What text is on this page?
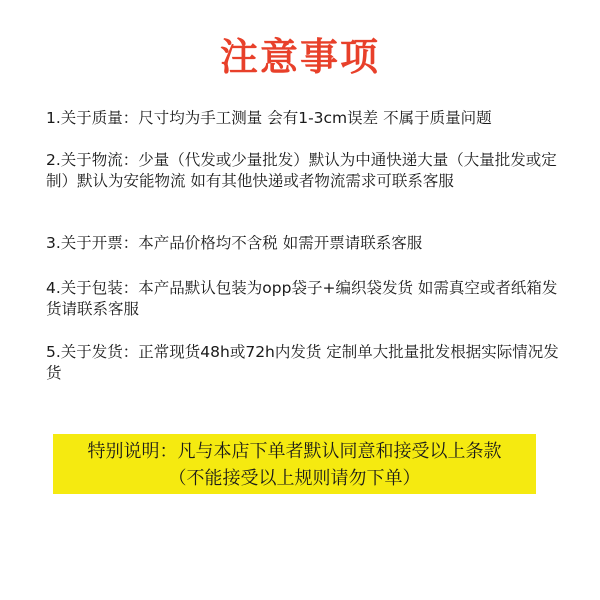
注意事项
1.关于质量：尺寸均为手工测量 会有1-3cm误差 不属于质量问题
2.关于物流：少量（代发或少量批发）默认为中通快递大量（大量批发或定制）默认为安能物流 如有其他快递或者物流需求可联系客服
3.关于开票：本产品价格均不含税 如需开票请联系客服
4.关于包装：本产品默认包装为opp袋子+编织袋发货 如需真空或者纸箱发货请联系客服
5.关于发货：正常现货48h或72h内发货 定制单大批量批发根据实际情况发货
特别说明：凡与本店下单者默认同意和接受以上条款
（不能接受以上规则请勿下单）
